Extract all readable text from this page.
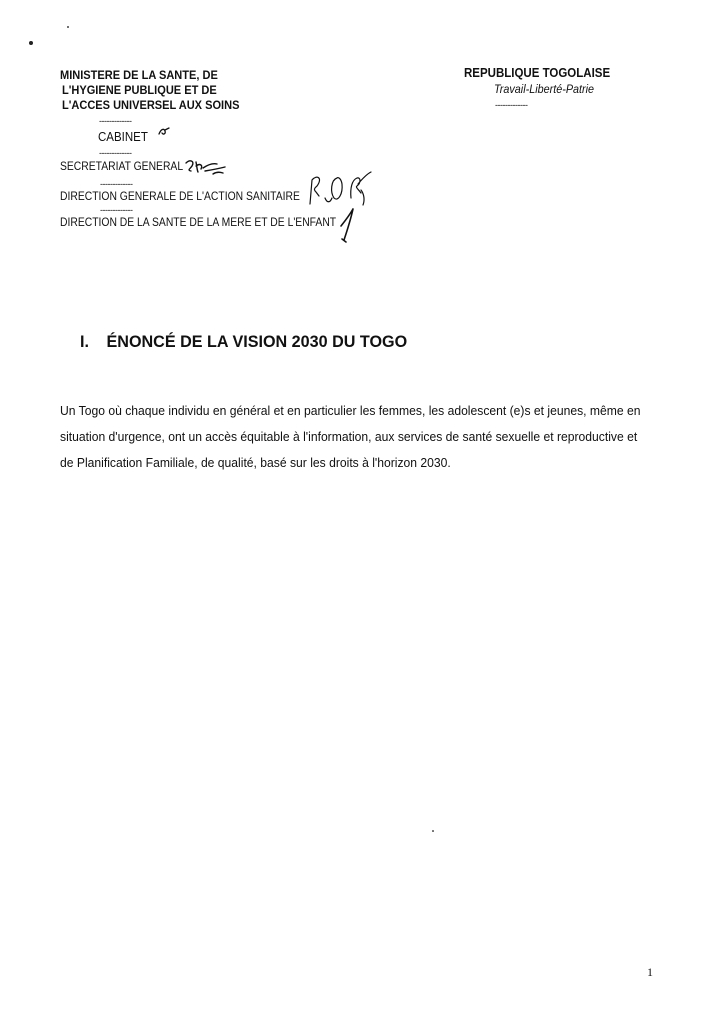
MINISTERE DE LA SANTE, DE
L'HYGIENE PUBLIQUE ET DE
L'ACCES UNIVERSEL AUX SOINS
-------------
CABINET
-------------
SECRETARIAT GENERAL
-------------
DIRECTION GENERALE DE L'ACTION SANITAIRE
-------------
DIRECTION DE LA SANTE DE LA MERE ET DE L'ENFANT
REPUBLIQUE TOGOLAISE
Travail-Liberté-Patrie
-------------
I. ÉNONCÉ DE LA VISION 2030 DU TOGO
Un Togo où chaque individu en général et en particulier les femmes, les adolescent (e)s et jeunes, même en
situation d'urgence, ont un accès équitable à l'information, aux services de santé sexuelle et reproductive et
de Planification Familiale, de qualité, basé sur les droits à l'horizon 2030.
1
